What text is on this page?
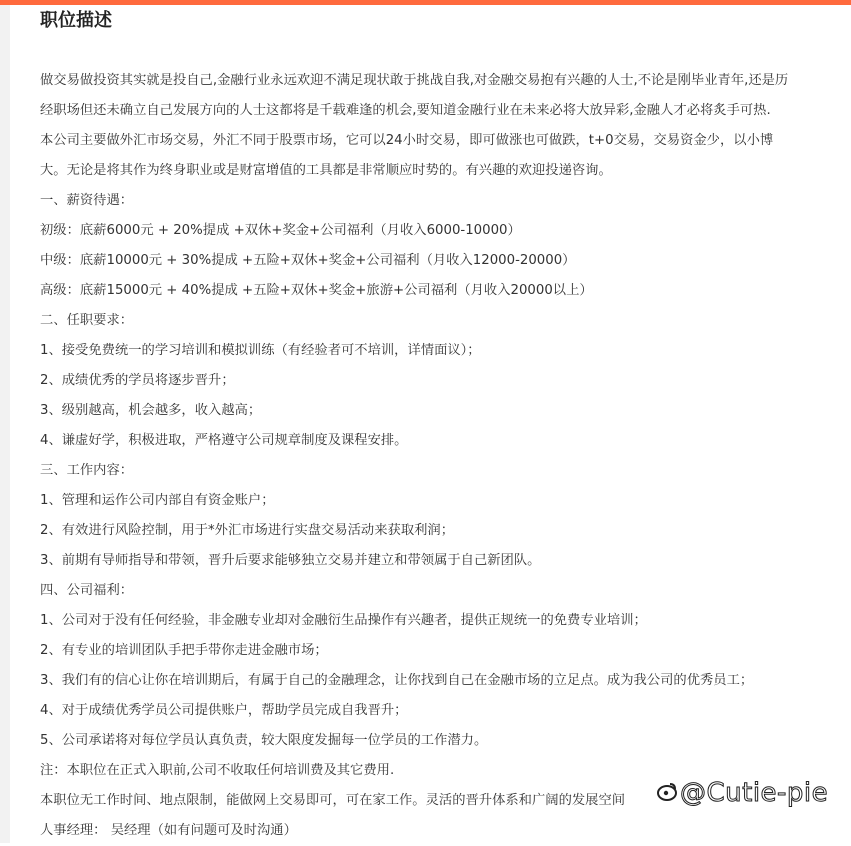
职位描述
做交易做投资其实就是投自己,金融行业永远欢迎不满足现状敢于挑战自我,对金融交易抱有兴趣的人士,不论是刚毕业青年,还是历
经职场但还未确立自己发展方向的人士这都将是千载难逢的机会,要知道金融行业在未来必将大放异彩,金融人才必将炙手可热.
本公司主要做外汇市场交易，外汇不同于股票市场，它可以24小时交易，即可做涨也可做跌，t+0交易，交易资金少，以小博
大。无论是将其作为终身职业或是财富增值的工具都是非常顺应时势的。有兴趣的欢迎投递咨询。
一、薪资待遇：
初级：底薪6000元 + 20%提成 +双休+奖金+公司福利（月收入6000-10000）
中级：底薪10000元 + 30%提成 +五险+双休+奖金+公司福利（月收入12000-20000）
高级：底薪15000元 + 40%提成 +五险+双休+奖金+旅游+公司福利（月收入20000以上）
二、任职要求：
1、接受免费统一的学习培训和模拟训练（有经验者可不培训，详情面议）；
2、成绩优秀的学员将逐步晋升；
3、级别越高，机会越多，收入越高；
4、谦虚好学，积极进取，严格遵守公司规章制度及课程安排。
三、工作内容：
1、管理和运作公司内部自有资金账户；
2、有效进行风险控制，用于*外汇市场进行实盘交易活动来获取利润；
3、前期有导师指导和带领，晋升后要求能够独立交易并建立和带领属于自己新团队。
四、公司福利：
1、公司对于没有任何经验，非金融专业却对金融衍生品操作有兴趣者，提供正规统一的免费专业培训；
2、有专业的培训团队手把手带你走进金融市场；
3、我们有的信心让你在培训期后，有属于自己的金融理念，让你找到自己在金融市场的立足点。成为我公司的优秀员工；
4、对于成绩优秀学员公司提供账户，帮助学员完成自我晋升；
5、公司承诺将对每位学员认真负责，较大限度发掘每一位学员的工作潜力。
注：本职位在正式入职前,公司不收取任何培训费及其它费用.
本职位无工作时间、地点限制，能做网上交易即可，可在家工作。灵活的晋升体系和广阔的发展空间
人事经理： 吴经理（如有问题可及时沟通）
@Cutie-pie
